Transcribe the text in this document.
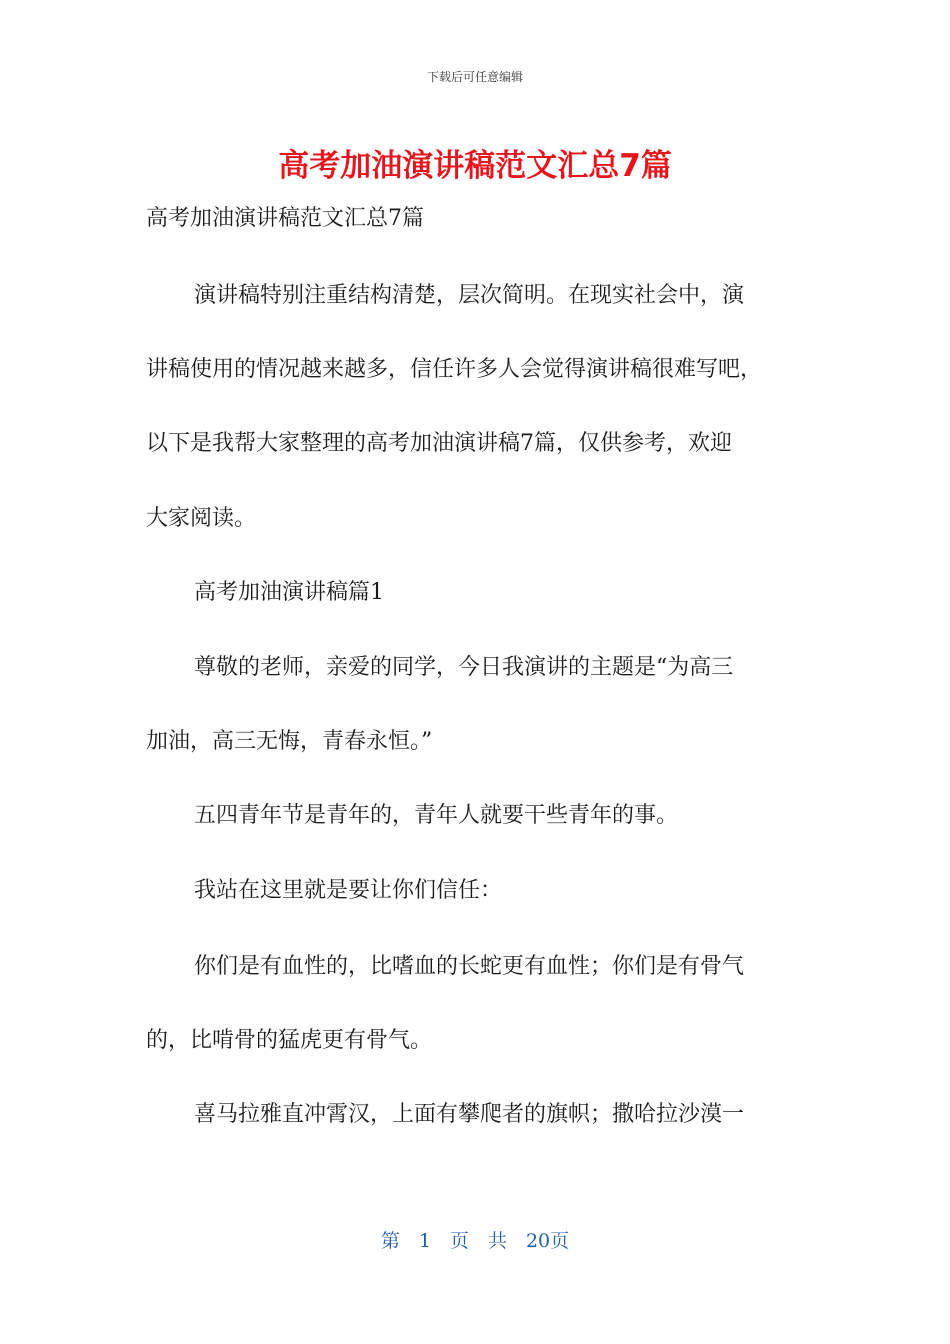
下载后可任意编辑
高考加油演讲稿范文汇总7篇
高考加油演讲稿范文汇总7篇
演讲稿特别注重结构清楚，层次简明。在现实社会中，演
讲稿使用的情况越来越多，信任许多人会觉得演讲稿很难写吧，
以下是我帮大家整理的高考加油演讲稿7篇，仅供参考，欢迎
大家阅读。
高考加油演讲稿篇1
尊敬的老师，亲爱的同学，今日我演讲的主题是“为高三
加油，高三无悔，青春永恒。”
五四青年节是青年的，青年人就要干些青年的事。
我站在这里就是要让你们信任：
你们是有血性的，比嗜血的长蛇更有血性；你们是有骨气
的，比啃骨的猛虎更有骨气。
喜马拉雅直冲霄汉，上面有攀爬者的旗帜；撒哈拉沙漠一
第　1　页　共　20页
